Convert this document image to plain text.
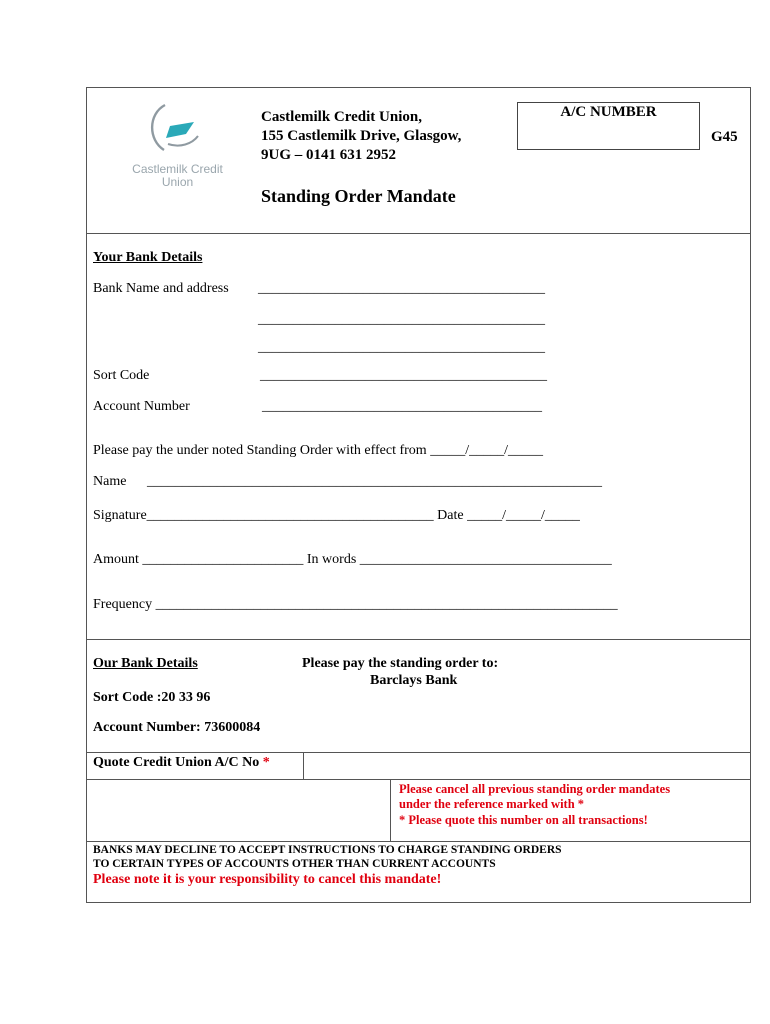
Castlemilk Credit
Union
Castlemilk Credit Union,
155 Castlemilk Drive, Glasgow,
9UG – 0141 631 2952
Standing Order Mandate
A/C NUMBER
G45
Your Bank Details
Bank Name and address _________________________________________
_________________________________________
_________________________________________
Sort Code	_________________________________________
Account Number	________________________________________
Please pay the under noted Standing Order with effect from _____/_____/_____
Name _________________________________________________________________
Signature_________________________________________ Date _____/_____/_____
Amount _______________________ In words ____________________________________
Frequency __________________________________________________________________
Our Bank Details	Please pay the standing order to:
Barclays Bank
Sort Code :20 33 96
Account Number: 73600084
Quote Credit Union A/C No *
Please cancel all previous standing order mandates
under the reference marked with *
* Please quote this number on all transactions!
BANKS MAY DECLINE TO ACCEPT INSTRUCTIONS TO CHARGE STANDING ORDERS
TO CERTAIN TYPES OF ACCOUNTS OTHER THAN CURRENT ACCOUNTS
Please note it is your responsibility to cancel this mandate!
